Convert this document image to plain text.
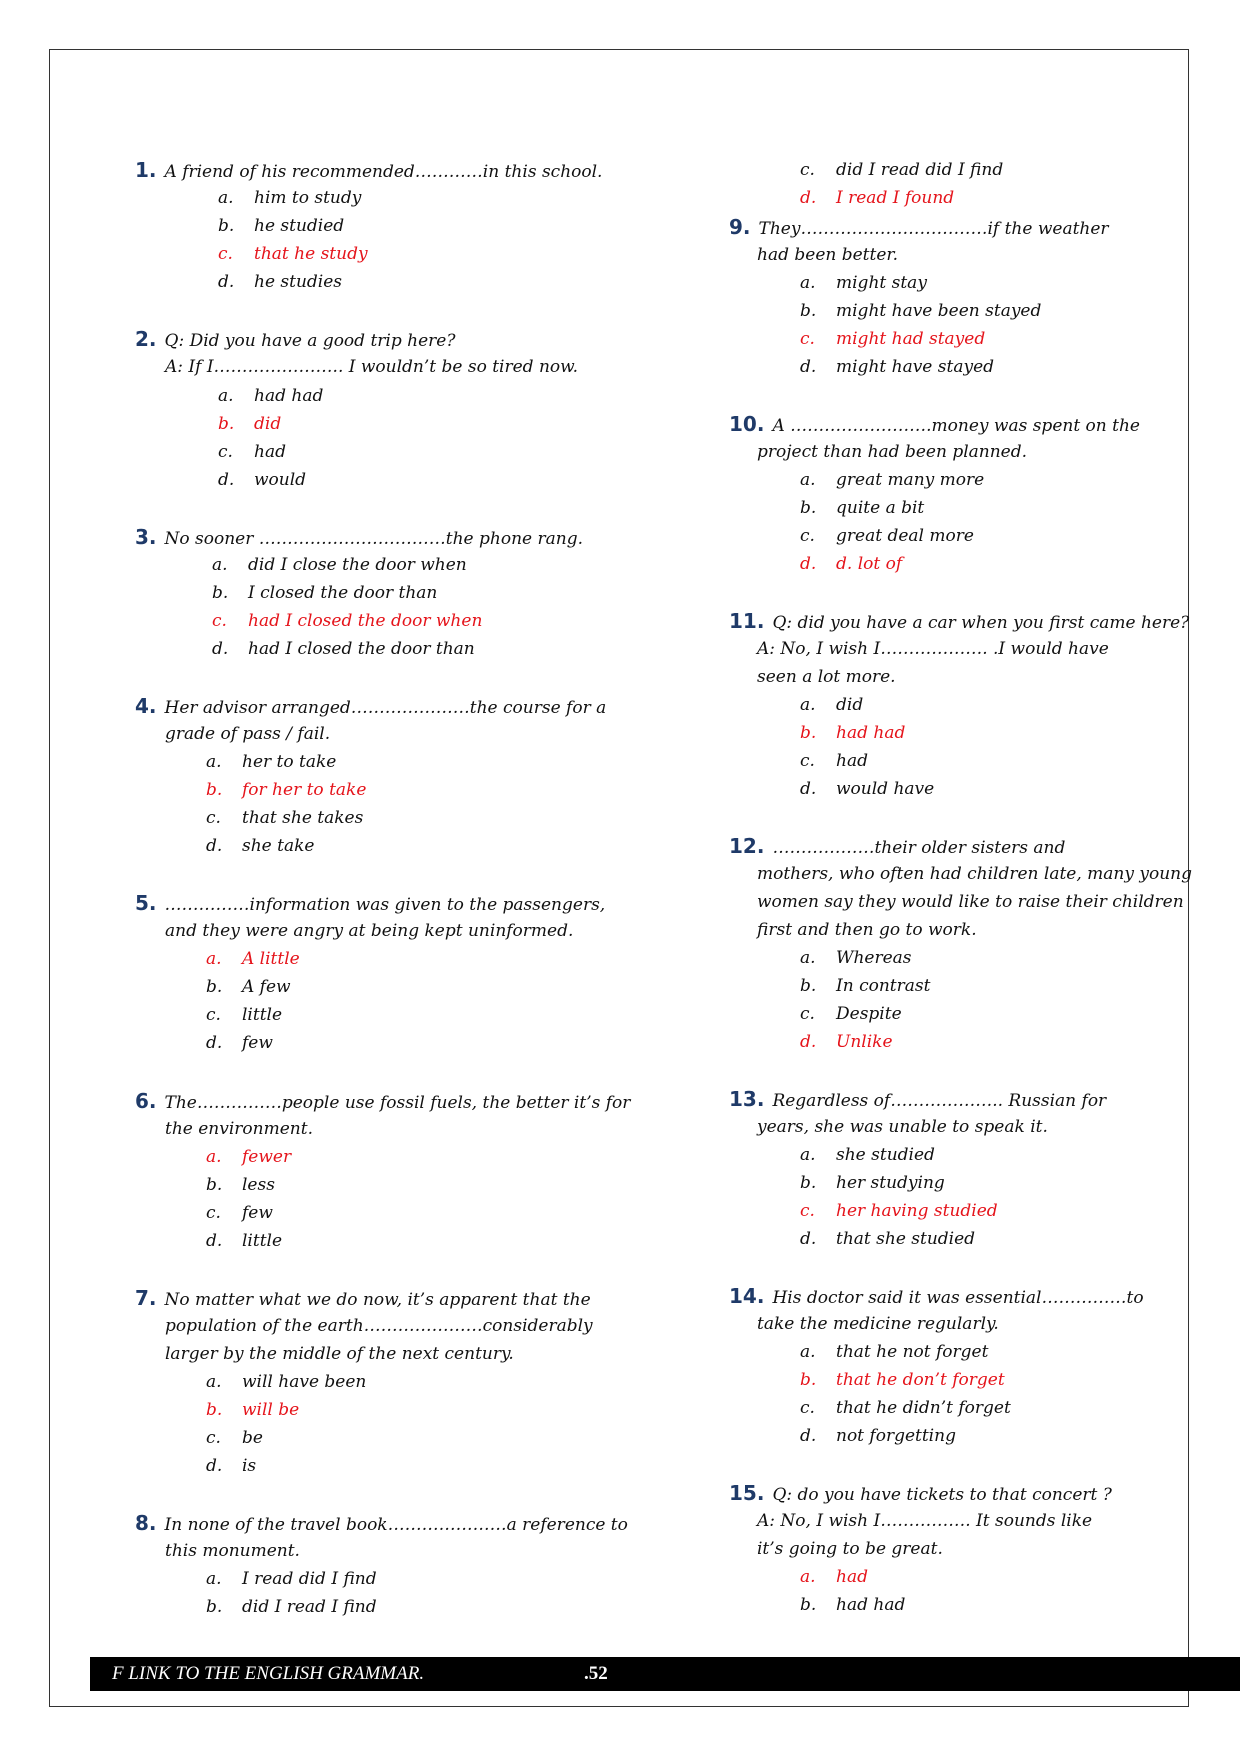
1. A friend of his recommended…………in this school.
a. him to study
b. he studied
c. that he study
d. he studies
2. Q: Did you have a good trip here?
A: If I………………….. I wouldn’t be so tired now.
a. had had
b. did
c. had
d. would
3. No sooner ……………………………the phone rang.
a. did I close the door when
b. I closed the door than
c. had I closed the door when
d. had I closed the door than
4. Her advisor arranged…………………the course for a
grade of pass / fail.
a. her to take
b. for her to take
c. that she takes
d. she take
5. ……………information was given to the passengers,
and they were angry at being kept uninformed.
a. A little
b. A few
c. little
d. few
6. The……………people use fossil fuels, the better it’s for
the environment.
a. fewer
b. less
c. few
d. little
7. No matter what we do now, it’s apparent that the
population of the earth…………………considerably
larger by the middle of the next century.
a. will have been
b. will be
c. be
d. is
8. In none of the travel book…………………a reference to
this monument.
a. I read did I find
b. did I read I find
c. did I read did I find
d. I read I found
9. They……………………………if the weather
had been better.
a. might stay
b. might have been stayed
c. might had stayed
d. might have stayed
10. A …………………….money was spent on the
project than had been planned.
a. great many more
b. quite a bit
c. great deal more
d. d. lot of
11. Q: did you have a car when you first came here?
A: No, I wish I………………. .I would have
seen a lot more.
a. did
b. had had
c. had
d. would have
12. ………………their older sisters and
mothers, who often had children late, many young
women say they would like to raise their children
first and then go to work.
a. Whereas
b. In contrast
c. Despite
d. Unlike
13. Regardless of……………….. Russian for
years, she was unable to speak it.
a. she studied
b. her studying
c. her having studied
d. that she studied
14. His doctor said it was essential……………to
take the medicine regularly.
a. that he not forget
b. that he don’t forget
c. that he didn’t forget
d. not forgetting
15. Q: do you have tickets to that concert ?
A: No, I wish I……………. It sounds like
it’s going to be great.
a. had
b. had had
F LINK TO THE ENGLISH GRAMMAR.	.52
